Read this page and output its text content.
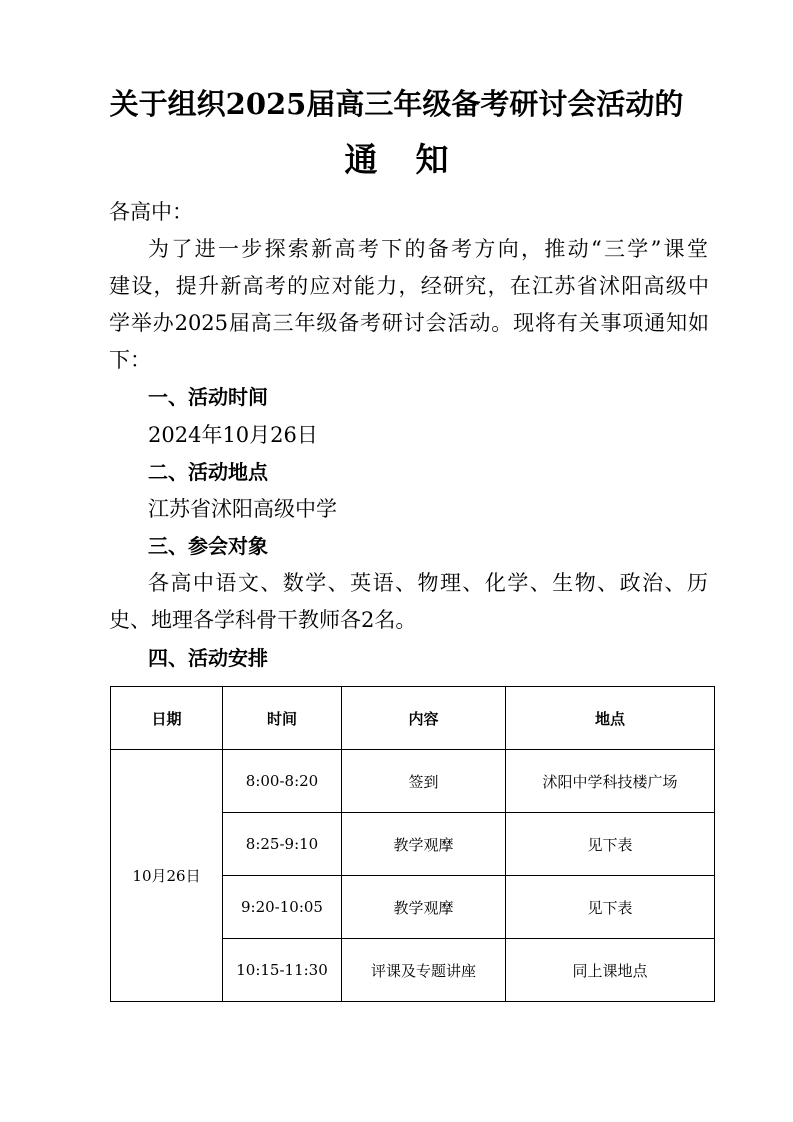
关于组织2025届高三年级备考研讨会活动的
通知
各高中：
为了进一步探索新高考下的备考方向，推动“三学”课堂
建设，提升新高考的应对能力，经研究，在江苏省沭阳高级中
学举办2025届高三年级备考研讨会活动。现将有关事项通知如
下：
一、活动时间
2024年10月26日
二、活动地点
江苏省沭阳高级中学
三、参会对象
各高中语文、数学、英语、物理、化学、生物、政治、历
史、地理各学科骨干教师各2名。
四、活动安排
日期	时间	内容	地点
10月26日	8:00-8:20	签到	沭阳中学科技楼广场
	8:25-9:10	教学观摩	见下表
	9:20-10:05	教学观摩	见下表
	10:15-11:30	评课及专题讲座	同上课地点
